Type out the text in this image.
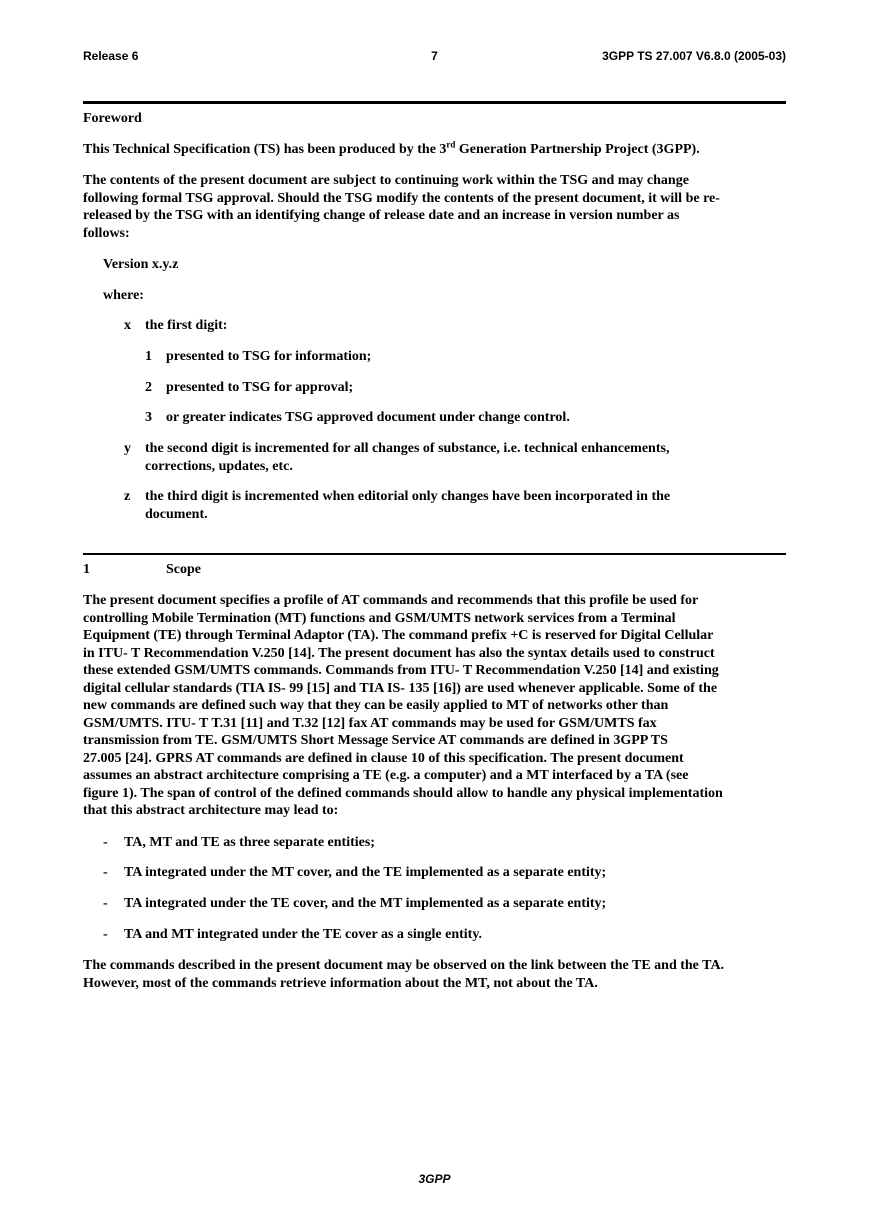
Release 6	7	3GPP TS 27.007 V6.8.0 (2005-03)
Foreword
This Technical Specification (TS) has been produced by the 3rd Generation Partnership Project (3GPP).
The contents of the present document are subject to continuing work within the TSG and may change
following formal TSG approval. Should the TSG modify the contents of the present document, it will be re-
released by the TSG with an identifying change of release date and an increase in version number as
follows:
Version x.y.z
where:
x the first digit:
1 presented to TSG for information;
2 presented to TSG for approval;
3 or greater indicates TSG approved document under change control.
y the second digit is incremented for all changes of substance, i.e. technical enhancements,
corrections, updates, etc.
z the third digit is incremented when editorial only changes have been incorporated in the
document.
1	Scope
The present document specifies a profile of AT commands and recommends that this profile be used for
controlling Mobile Termination (MT) functions and GSM/UMTS network services from a Terminal
Equipment (TE) through Terminal Adaptor (TA). The command prefix +C is reserved for Digital Cellular
in ITU- T Recommendation V.250 [14]. The present document has also the syntax details used to construct
these extended GSM/UMTS commands. Commands from ITU- T Recommendation V.250 [14] and existing
digital cellular standards (TIA IS- 99 [15] and TIA IS- 135 [16]) are used whenever applicable. Some of the
new commands are defined such way that they can be easily applied to MT of networks other than
GSM/UMTS. ITU- T T.31 [11] and T.32 [12] fax AT commands may be used for GSM/UMTS fax
transmission from TE. GSM/UMTS Short Message Service AT commands are defined in 3GPP TS
27.005 [24]. GPRS AT commands are defined in clause 10 of this specification. The present document
assumes an abstract architecture comprising a TE (e.g. a computer) and a MT interfaced by a TA (see
figure 1). The span of control of the defined commands should allow to handle any physical implementation
that this abstract architecture may lead to:
- TA, MT and TE as three separate entities;
- TA integrated under the MT cover, and the TE implemented as a separate entity;
- TA integrated under the TE cover, and the MT implemented as a separate entity;
- TA and MT integrated under the TE cover as a single entity.
The commands described in the present document may be observed on the link between the TE and the TA.
However, most of the commands retrieve information about the MT, not about the TA.
3GPP
